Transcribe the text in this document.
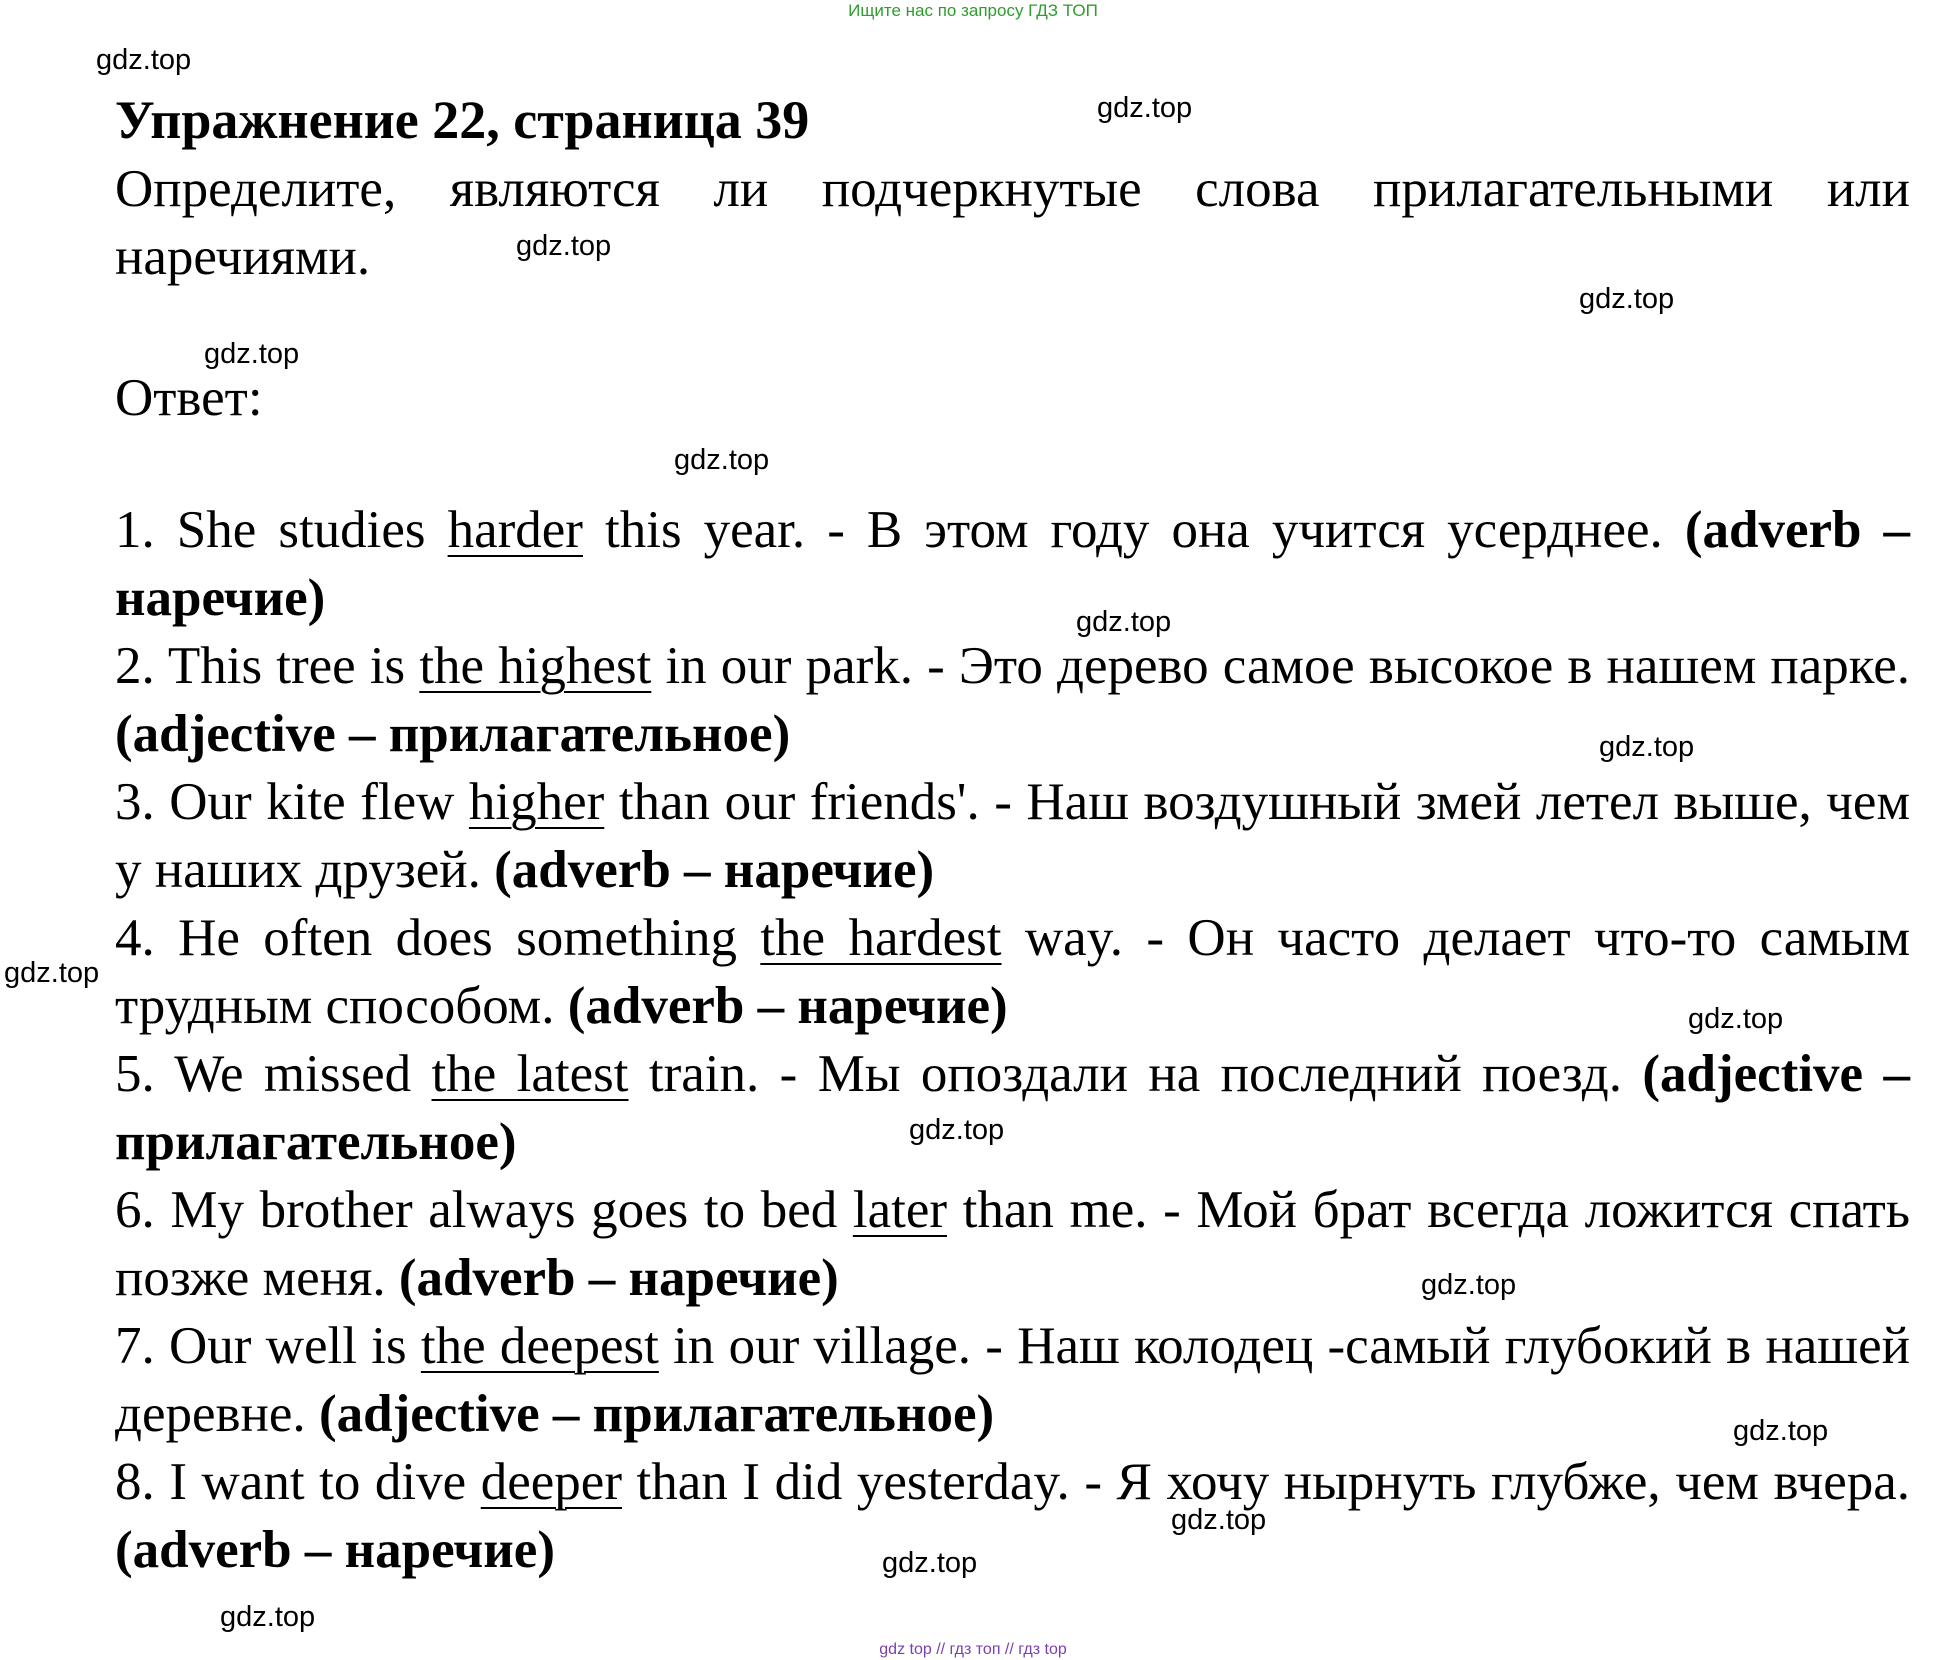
Ищите нас по запросу ГДЗ ТОП
gdz.top
gdz.top
gdz.top
gdz.top
gdz.top
gdz.top
gdz.top
gdz.top
gdz.top
gdz.top
gdz.top
gdz.top
gdz.top
gdz.top
gdz.top
gdz.top
Упражнение 22, страница 39
Определите, являются ли подчеркнутые слова прилагательными или наречиями.
Ответ:

1. She studies harder this year. - В этом году она учится усерднее. (adverb – наречие)

2. This tree is the highest in our park. - Это дерево самое высокое в нашем парке. (adjective – прилагательное)

3. Our kite flew higher than our friends'. - Наш воздушный змей летел выше, чем у наших друзей. (adverb – наречие)

4. He often does something the hardest way. - Он часто делает что-то самым трудным способом. (adverb – наречие)

5. We missed the latest train. - Мы опоздали на последний поезд. (adjective – прилагательное)

6. My brother always goes to bed later than me. - Мой брат всегда ложится спать позже меня. (adverb – наречие)

7. Our well is the deepest in our village. - Наш колодец -самый глубокий в нашей деревне. (adjective – прилагательное)

8. I want to dive deeper than I did yesterday. - Я хочу нырнуть глубже, чем вчера. (adverb – наречие)

gdz top // гдз топ // гдз top
